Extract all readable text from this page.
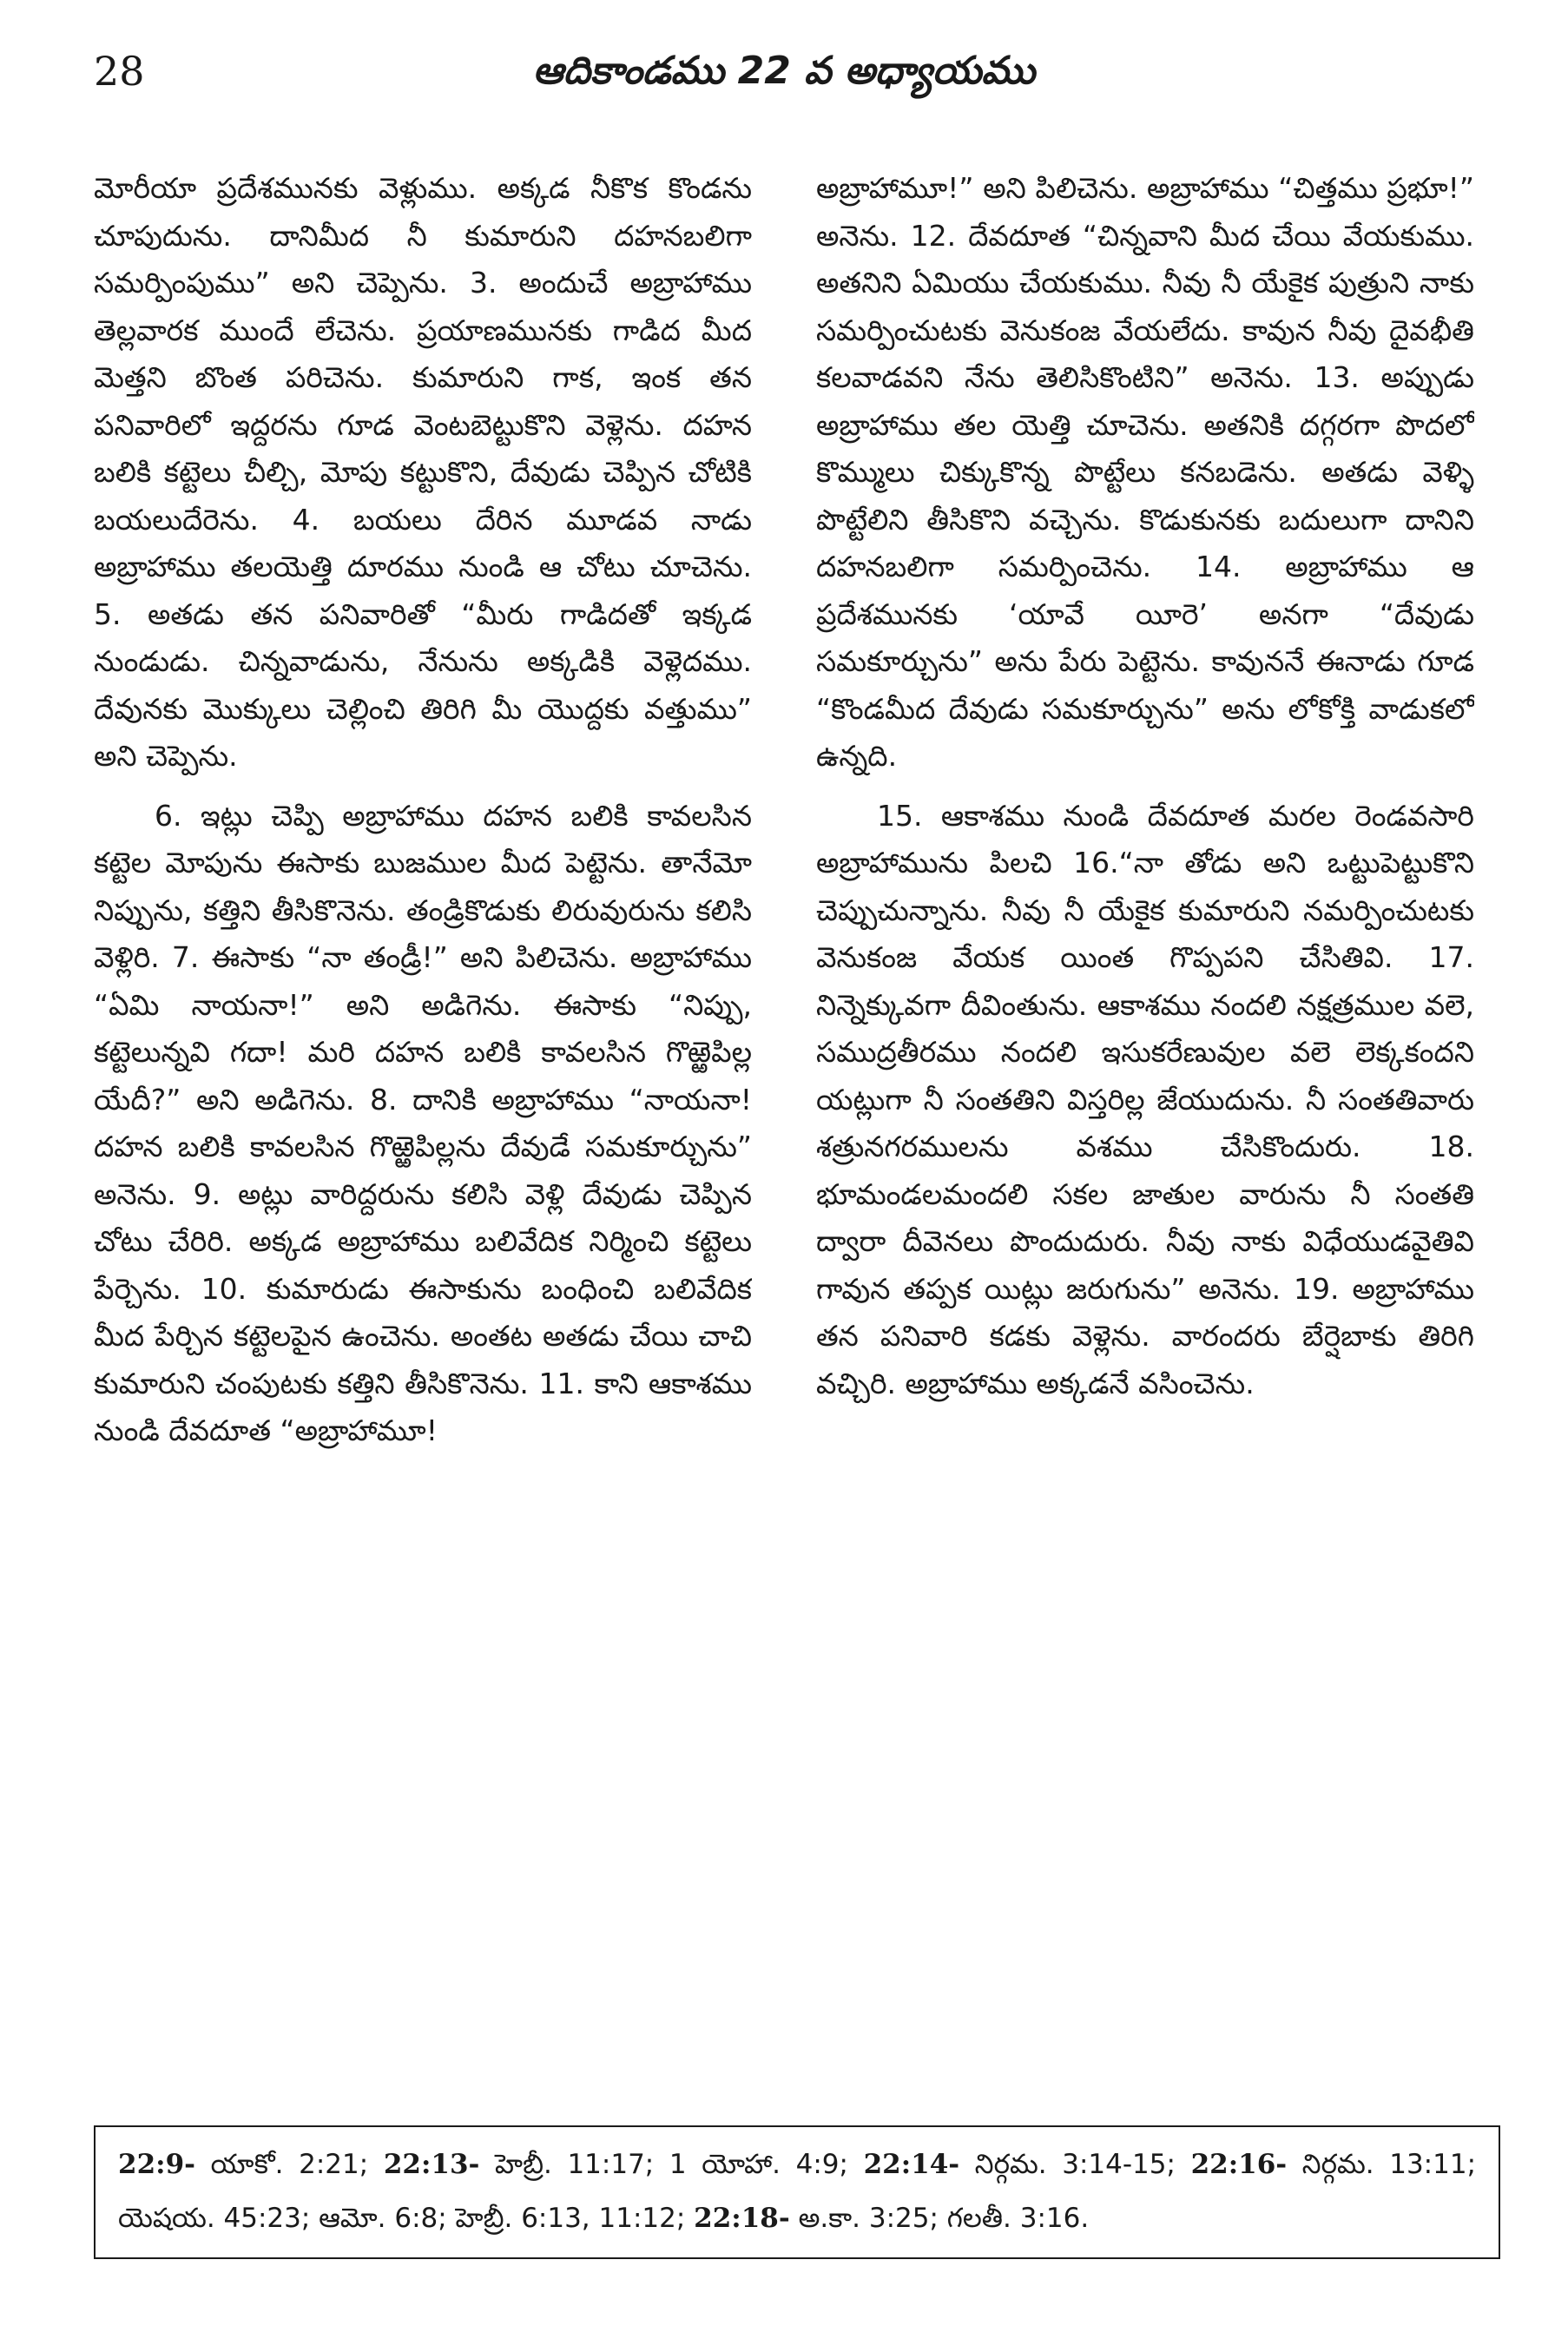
28	ఆదికాండము 22 వ అధ్యాయము

మోరీయా ప్రదేశమునకు వెళ్లుము. అక్కడ నీకొక కొండను చూపుదును. దానిమీద నీ కుమారుని దహనబలిగా సమర్పింపుము” అని చెప్పెను. 3. అందుచే అబ్రాహాము తెల్లవారక ముందే లేచెను. ప్రయాణమునకు గాడిద మీద మెత్తని బొంత పరిచెను. కుమారుని గాక, ఇంక తన పనివారిలో ఇద్దరను గూడ వెంటబెట్టుకొని వెళ్లెను. దహన బలికి కట్టెలు చీల్చి, మోపు కట్టుకొని, దేవుడు చెప్పిన చోటికి బయలుదేరెను. 4. బయలు దేరిన మూడవ నాడు అబ్రాహాము తలయెత్తి దూరము నుండి ఆ చోటు చూచెను. 5. అతడు తన పనివారితో “మీరు గాడిదతో ఇక్కడ నుండుడు. చిన్నవాడును, నేనును అక్కడికి వెళ్లెదము. దేవునకు మొక్కులు చెల్లించి తిరిగి మీ యొద్దకు వత్తుము” అని చెప్పెను.

6. ఇట్లు చెప్పి అబ్రాహాము దహన బలికి కావలసిన కట్టెల మోపును ఈసాకు బుజముల మీద పెట్టెను. తానేమో నిప్పును, కత్తిని తీసికొనెను. తండ్రికొడుకు లిరువురును కలిసి వెళ్లిరి. 7. ఈసాకు “నా తండ్రీ!” అని పిలిచెను. అబ్రాహాము “ఏమి నాయనా!” అని అడిగెను. ఈసాకు “నిప్పు, కట్టెలున్నవి గదా! మరి దహన బలికి కావలసిన గొఱ్ఱెపిల్ల యేదీ?” అని అడిగెను. 8. దానికి అబ్రాహాము “నాయనా! దహన బలికి కావలసిన గొఱ్ఱెపిల్లను దేవుడే సమకూర్చును” అనెను. 9. అట్లు వారిద్దరును కలిసి వెళ్లి దేవుడు చెప్పిన చోటు చేరిరి. అక్కడ అబ్రాహాము బలివేదిక నిర్మించి కట్టెలు పేర్చెను. 10. కుమారుడు ఈసాకును బంధించి బలివేదిక మీద పేర్చిన కట్టెలపైన ఉంచెను. అంతట అతడు చేయి చాచి కుమారుని చంపుటకు కత్తిని తీసికొనెను. 11. కాని ఆకాశము నుండి దేవదూత “అబ్రాహామూ!

అబ్రాహామూ!” అని పిలిచెను. అబ్రాహాము “చిత్తము ప్రభూ!” అనెను. 12. దేవదూత “చిన్నవాని మీద చేయి వేయకుము. అతనిని ఏమియు చేయకుము. నీవు నీ యేకైక పుత్రుని నాకు సమర్పించుటకు వెనుకంజ వేయలేదు. కావున నీవు దైవభీతి కలవాడవని నేను తెలిసికొంటిని” అనెను. 13. అప్పుడు అబ్రాహాము తల యెత్తి చూచెను. అతనికి దగ్గరగా పొదలో కొమ్ములు చిక్కుకొన్న పొట్టేలు కనబడెను. అతడు వెళ్ళి పొట్టేలిని తీసికొని వచ్చెను. కొడుకునకు బదులుగా దానిని దహనబలిగా సమర్పించెను. 14. అబ్రాహాము ఆ ప్రదేశమునకు ‘యావే యీరె’ అనగా “దేవుడు సమకూర్చును” అను పేరు పెట్టెను. కావుననే ఈనాడు గూడ “కొండమీద దేవుడు సమకూర్చును” అను లోకోక్తి వాడుకలో ఉన్నది.

15. ఆకాశము నుండి దేవదూత మరల రెండవసారి అబ్రాహామును పిలచి 16.“నా తోడు అని ఒట్టుపెట్టుకొని చెప్పుచున్నాను. నీవు నీ యేకైక కుమారుని నమర్పించుటకు వెనుకంజ వేయక యింత గొప్పపని చేసితివి. 17. నిన్నెక్కువగా దీవింతును. ఆకాశము నందలి నక్షత్రముల వలె, సముద్రతీరము నందలి ఇసుకరేణువుల వలె లెక్కకందని యట్లుగా నీ సంతతిని విస్తరిల్ల జేయుదును. నీ సంతతివారు శత్రునగరములను వశము చేసికొందురు. 18. భూమండలమందలి సకల జాతుల వారును నీ సంతతి ద్వారా దీవెనలు పొందుదురు. నీవు నాకు విధేయుడవైతివి గావున తప్పక యిట్లు జరుగును” అనెను. 19. అబ్రాహాము తన పనివారి కడకు వెళ్లెను. వారందరు బేర్షెబాకు తిరిగి వచ్చిరి. అబ్రాహాము అక్కడనే వసించెను.

22:9- యాకో. 2:21; 22:13- హెబ్రీ. 11:17; 1 యోహా. 4:9; 22:14- నిర్గమ. 3:14-15; 22:16- నిర్గమ. 13:11; యెషయ. 45:23; ఆమో. 6:8; హెబ్రీ. 6:13, 11:12; 22:18- అ.కా. 3:25; గలతీ. 3:16.
